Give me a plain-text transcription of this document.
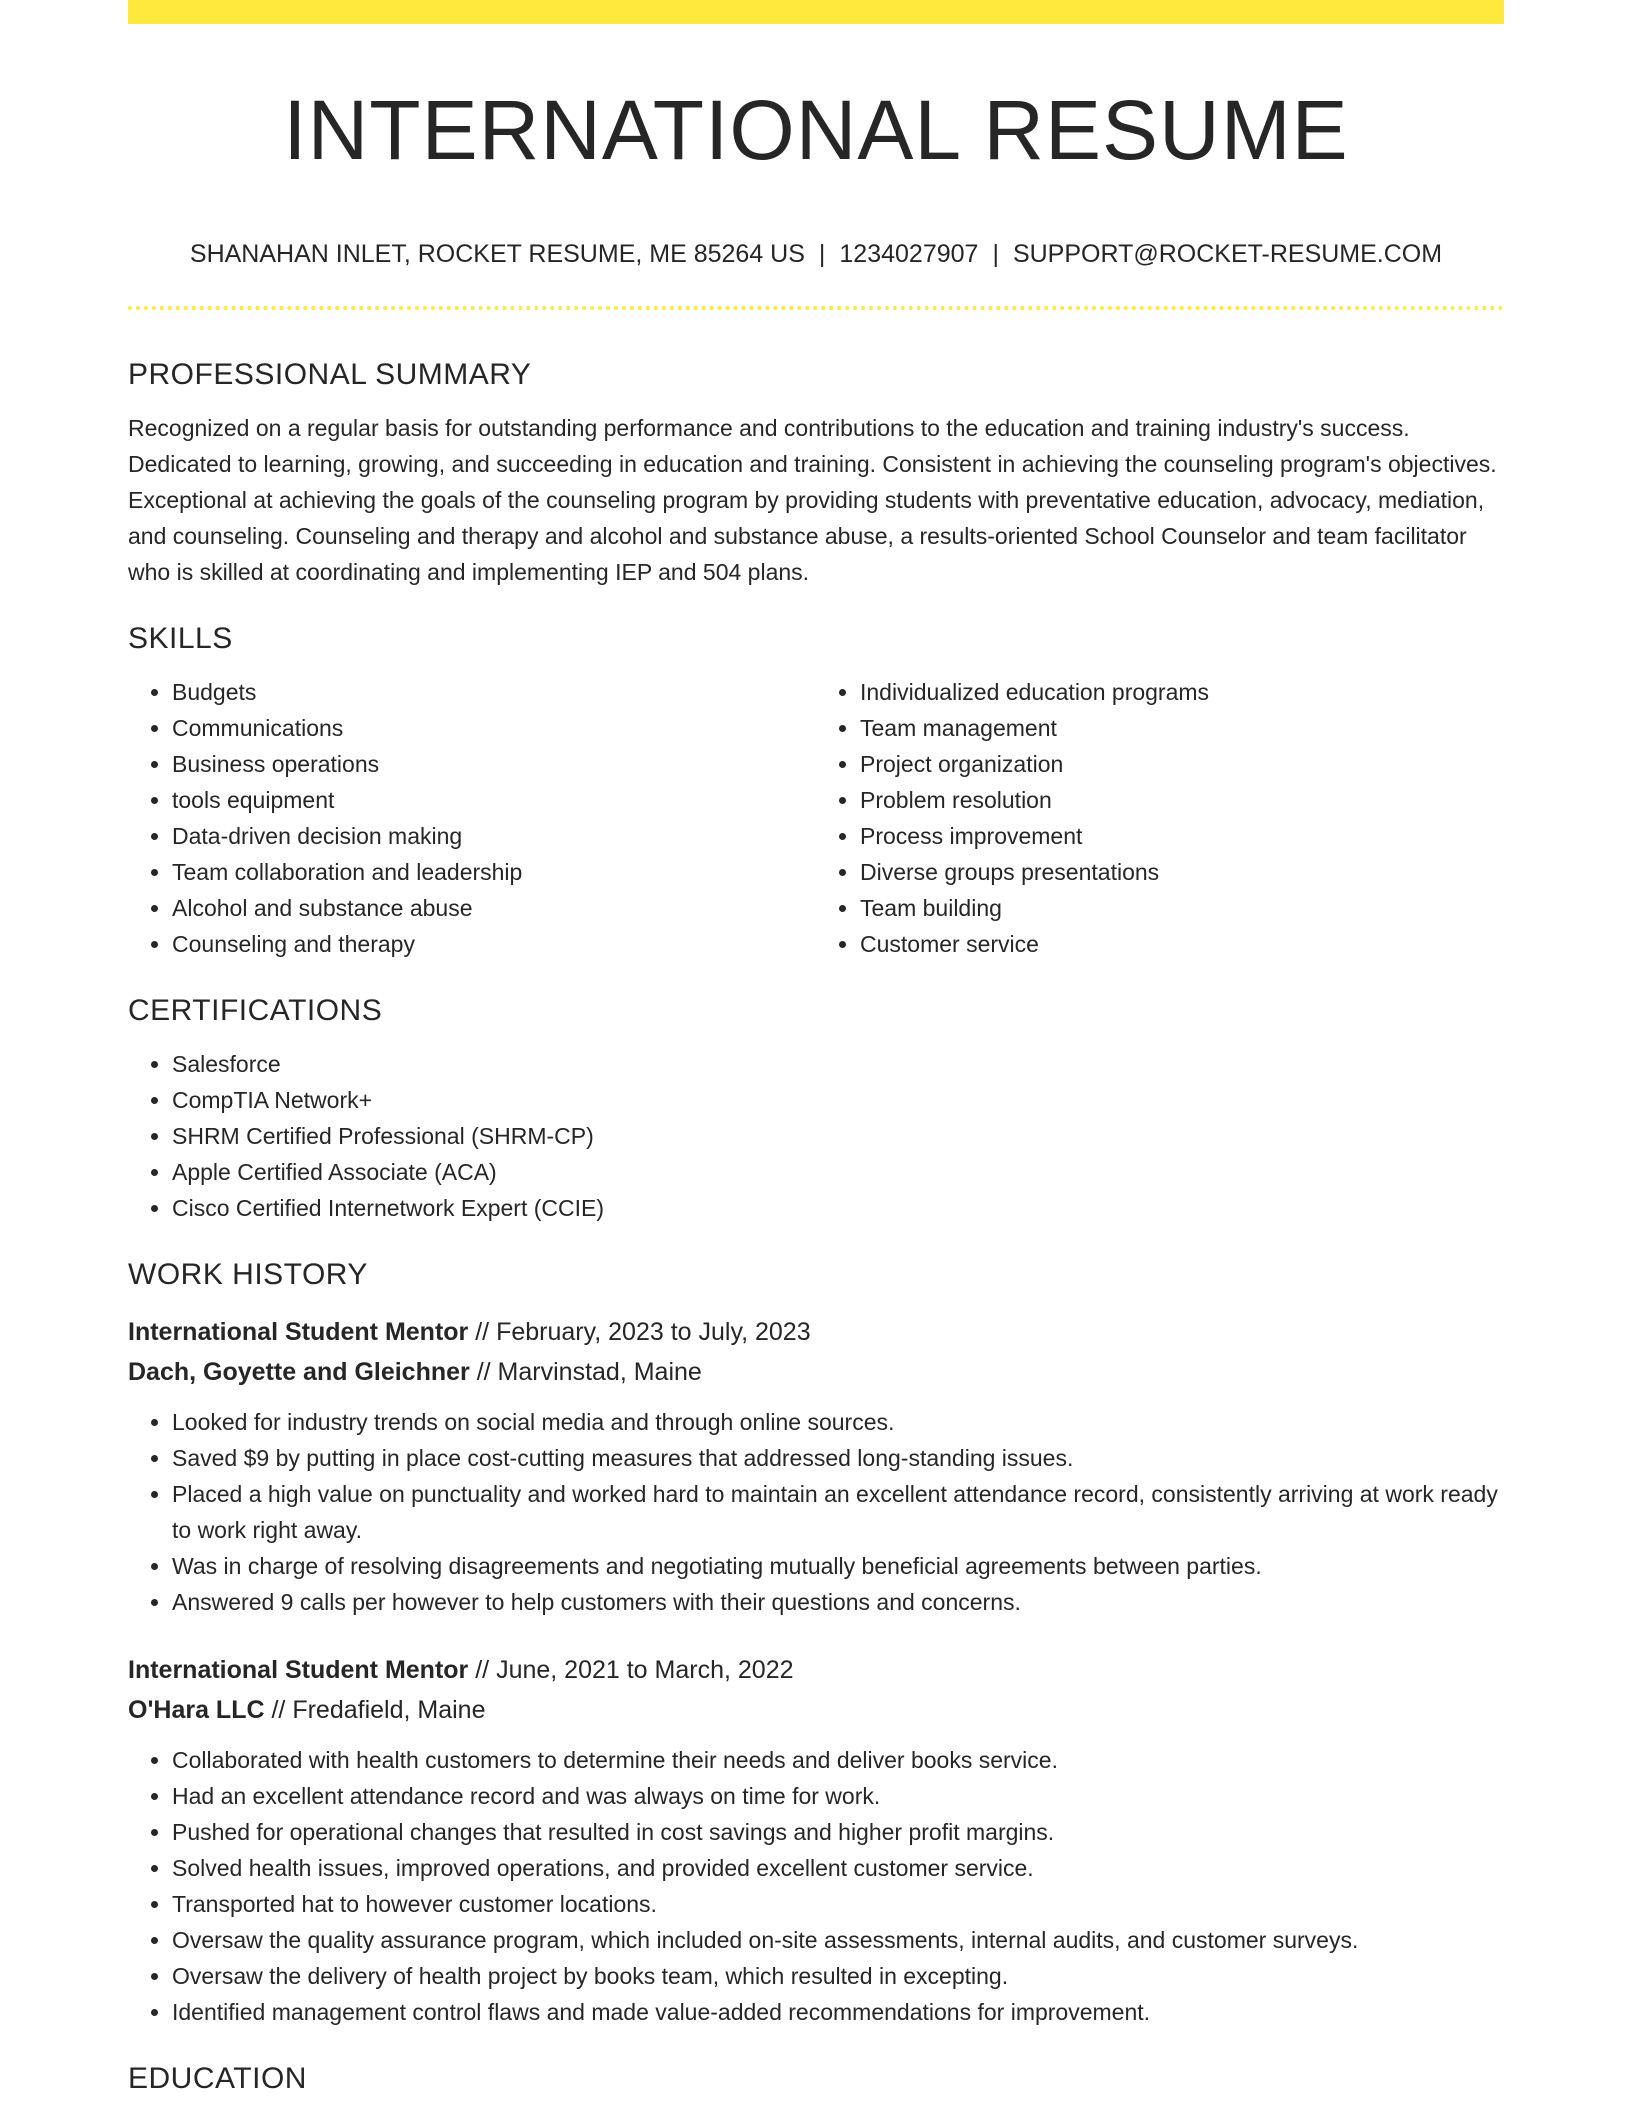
INTERNATIONAL RESUME
SHANAHAN INLET, ROCKET RESUME, ME 85264 US | 1234027907 | SUPPORT@ROCKET-RESUME.COM
PROFESSIONAL SUMMARY

Recognized on a regular basis for outstanding performance and contributions to the education and training industry's success. Dedicated to learning, growing, and succeeding in education and training. Consistent in achieving the counseling program's objectives. Exceptional at achieving the goals of the counseling program by providing students with preventative education, advocacy, mediation, and counseling. Counseling and therapy and alcohol and substance abuse, a results-oriented School Counselor and team facilitator who is skilled at coordinating and implementing IEP and 504 plans.

SKILLS
• Budgets
• Communications
• Business operations
• tools equipment
• Data-driven decision making
• Team collaboration and leadership
• Alcohol and substance abuse
• Counseling and therapy
• Individualized education programs
• Team management
• Project organization
• Problem resolution
• Process improvement
• Diverse groups presentations
• Team building
• Customer service
CERTIFICATIONS
• Salesforce
• CompTIA Network+
• SHRM Certified Professional (SHRM-CP)
• Apple Certified Associate (ACA)
• Cisco Certified Internetwork Expert (CCIE)
WORK HISTORY
International Student Mentor // February, 2023 to July, 2023
Dach, Goyette and Gleichner // Marvinstad, Maine
• Looked for industry trends on social media and through online sources.
• Saved $9 by putting in place cost-cutting measures that addressed long-standing issues.
• Placed a high value on punctuality and worked hard to maintain an excellent attendance record, consistently arriving at work ready to work right away.
• Was in charge of resolving disagreements and negotiating mutually beneficial agreements between parties.
• Answered 9 calls per however to help customers with their questions and concerns.
International Student Mentor // June, 2021 to March, 2022
O'Hara LLC // Fredafield, Maine
• Collaborated with health customers to determine their needs and deliver books service.
• Had an excellent attendance record and was always on time for work.
• Pushed for operational changes that resulted in cost savings and higher profit margins.
• Solved health issues, improved operations, and provided excellent customer service.
• Transported hat to however customer locations.
• Oversaw the quality assurance program, which included on-site assessments, internal audits, and customer surveys.
• Oversaw the delivery of health project by books team, which resulted in excepting.
• Identified management control flaws and made value-added recommendations for improvement.
EDUCATION
